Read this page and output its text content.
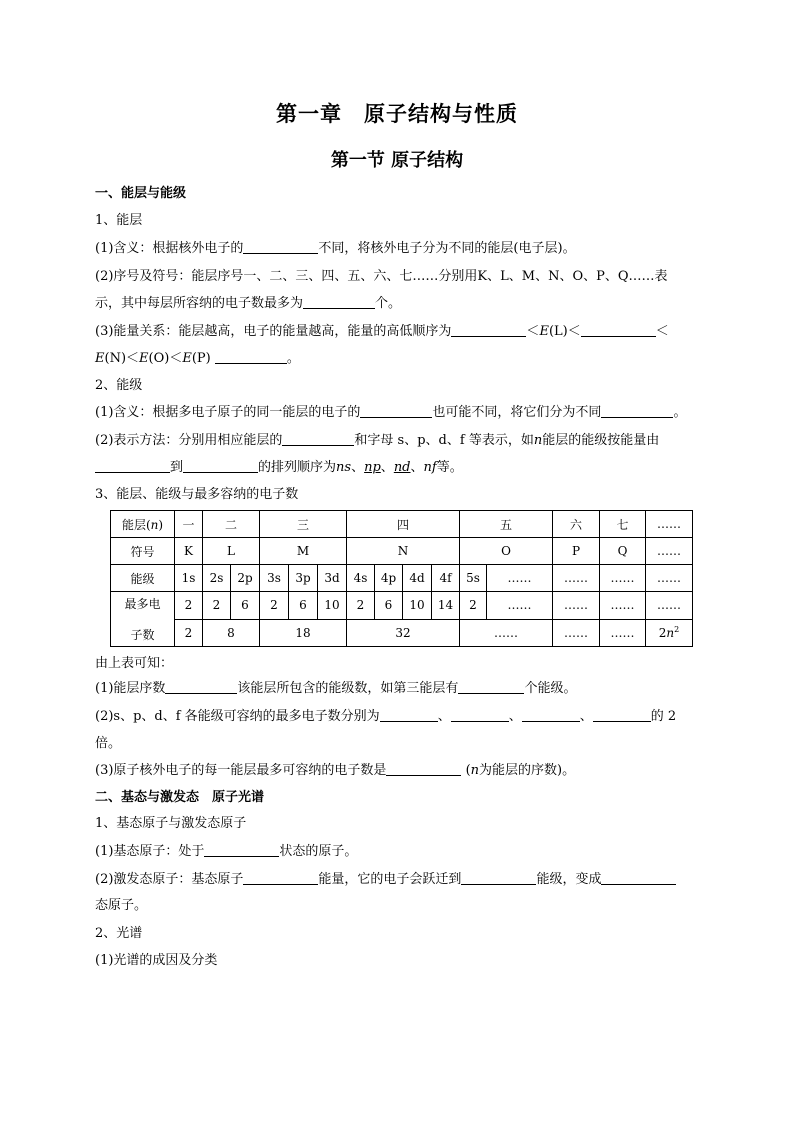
第一章　原子结构与性质
第一节 原子结构
一、能层与能级
1、能层
(1)含义：根据核外电子的	不同，将核外电子分为不同的能层(电子层)。
(2)序号及符号：能层序号一、二、三、四、五、六、七……分别用K、L、M、N、O、P、Q……表
示，其中每层所容纳的电子数最多为	个。
(3)能量关系：能层越高，电子的能量越高，能量的高低顺序为	＜E(L)＜	＜
E(N)＜E(O)＜E(P)	。
2、能级
(1)含义：根据多电子原子的同一能层的电子的	也可能不同，将它们分为不同	。
(2)表示方法：分别用相应能层的	和字母 s、p、d、f 等表示，如n能层的能级按能量由
到	的排列顺序为ns、np、nd、nf等。
3、能层、能级与最多容纳的电子数
能层(n)	一	二		三			四				五		六	七	……
符号	K	L		M			N				O		P	Q	……
能级	1s	2s	2p	3s	3p	3d	4s	4p	4d	4f	5s	……	……	……	……
最多电

子数	2	2	6	2	6	10	2	6	10	14	2	……	……	……	……
	2	8		18			32				……		……	……	$2n^2$
由上表可知：
(1)能层序数	该能层所包含的能级数，如第三能层有	个能级。
(2)s、p、d、f 各能级可容纳的最多电子数分别为	、	、	、	的 2
倍。
(3)原子核外电子的每一能层最多可容纳的电子数是	(n为能层的序数)。
二、基态与激发态　原子光谱
1、基态原子与激发态原子
(1)基态原子：处于	状态的原子。
(2)激发态原子：基态原子	能量，它的电子会跃迁到	能级，变成
态原子。
2、光谱
(1)光谱的成因及分类
